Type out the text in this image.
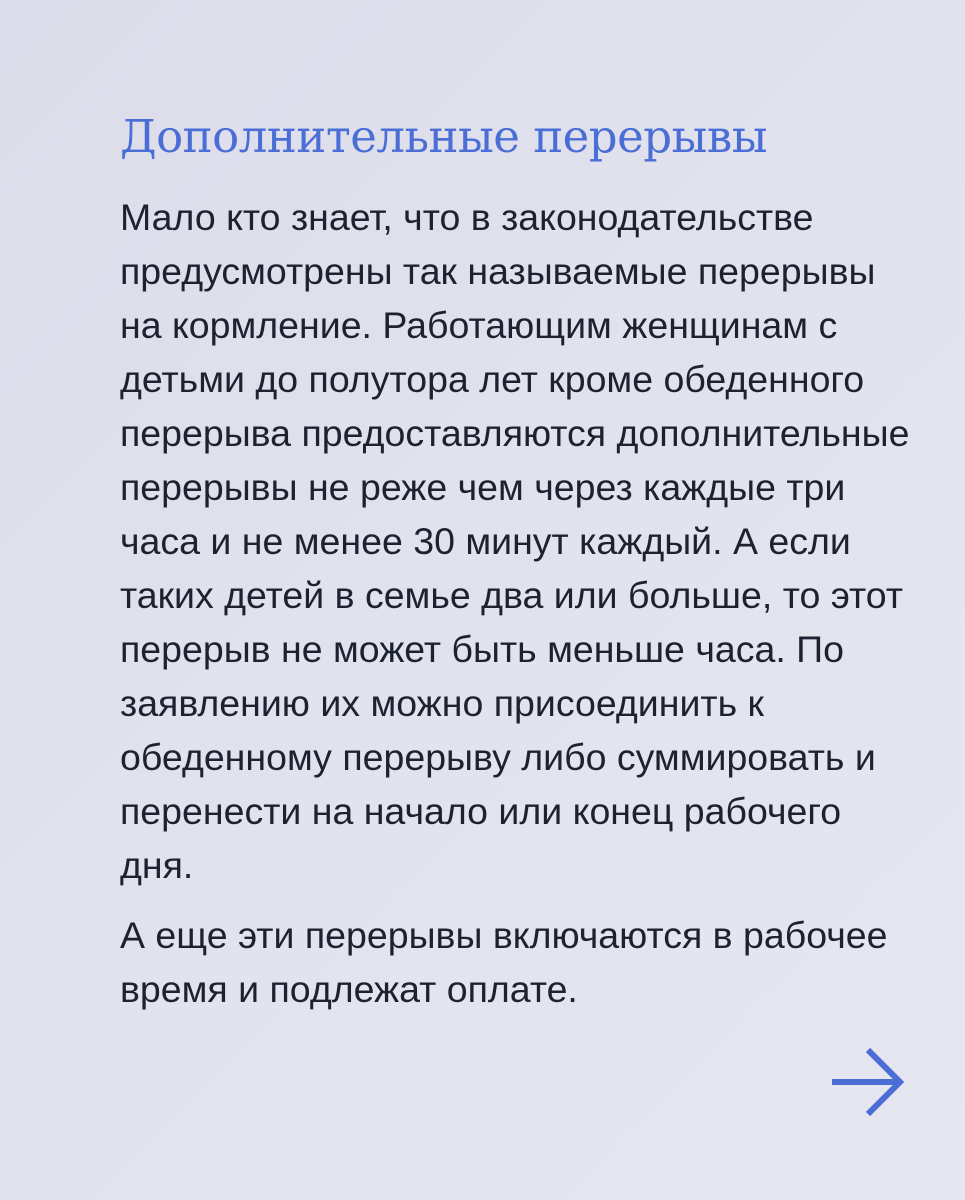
Дополнительные перерывы

Мало кто знает, что в законодательстве предусмотрены так называемые перерывы на кормление. Работающим женщинам с детьми до полутора лет кроме обеденного перерыва предоставляются дополнительные перерывы не реже чем через каждые три часа и не менее 30 минут каждый. А если таких детей в семье два или больше, то этот перерыв не может быть меньше часа. По заявлению их можно присоединить к обеденному перерыву либо суммировать и перенести на начало или конец рабочего дня.

А еще эти перерывы включаются в рабочее время и подлежат оплате.
